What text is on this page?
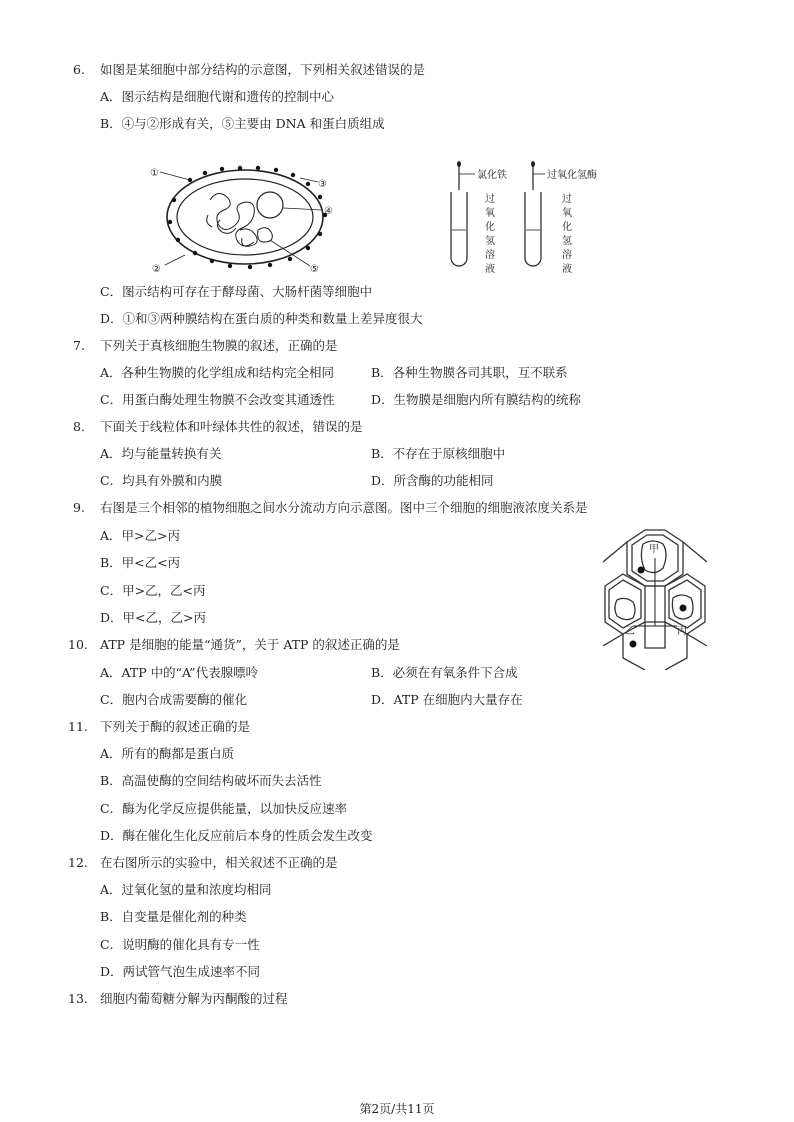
6. 如图是某细胞中部分结构的示意图，下列相关叙述错误的是
A．图示结构是细胞代谢和遗传的控制中心
B．④与②形成有关，⑤主要由 DNA 和蛋白质组成
①
②
③
④
⑤
氯化铁
过
氧
化
氢
溶
液
过氧化氢酶
过
氧
化
氢
溶
液
C．图示结构可存在于酵母菌、大肠杆菌等细胞中
D．①和③两种膜结构在蛋白质的种类和数量上差异度很大
7. 下列关于真核细胞生物膜的叙述，正确的是
A．各种生物膜的化学组成和结构完全相同	B．各种生物膜各司其职，互不联系
C．用蛋白酶处理生物膜不会改变其通透性	D．生物膜是细胞内所有膜结构的统称
8. 下面关于线粒体和叶绿体共性的叙述，错误的是
A．均与能量转换有关	B．不存在于原核细胞中
C．均具有外膜和内膜	D．所含酶的功能相同
9. 右图是三个相邻的植物细胞之间水分流动方向示意图。图中三个细胞的细胞液浓度关系是
A．甲>乙>丙
B．甲<乙<丙
C．甲>乙，乙<丙
D．甲<乙，乙>丙
甲
乙	丙
10. ATP 是细胞的能量“通货”，关于 ATP 的叙述正确的是
A．ATP 中的“A”代表腺嘌呤	B．必须在有氧条件下合成
C．胞内合成需要酶的催化	D．ATP 在细胞内大量存在
11. 下列关于酶的叙述正确的是
A．所有的酶都是蛋白质
B．高温使酶的空间结构破坏而失去活性
C．酶为化学反应提供能量，以加快反应速率
D．酶在催化生化反应前后本身的性质会发生改变
12. 在右图所示的实验中，相关叙述不正确的是
A．过氧化氢的量和浓度均相同
B．自变量是催化剂的种类
C．说明酶的催化具有专一性
D．两试管气泡生成速率不同
13. 细胞内葡萄糖分解为丙酮酸的过程
第2页/共11页
